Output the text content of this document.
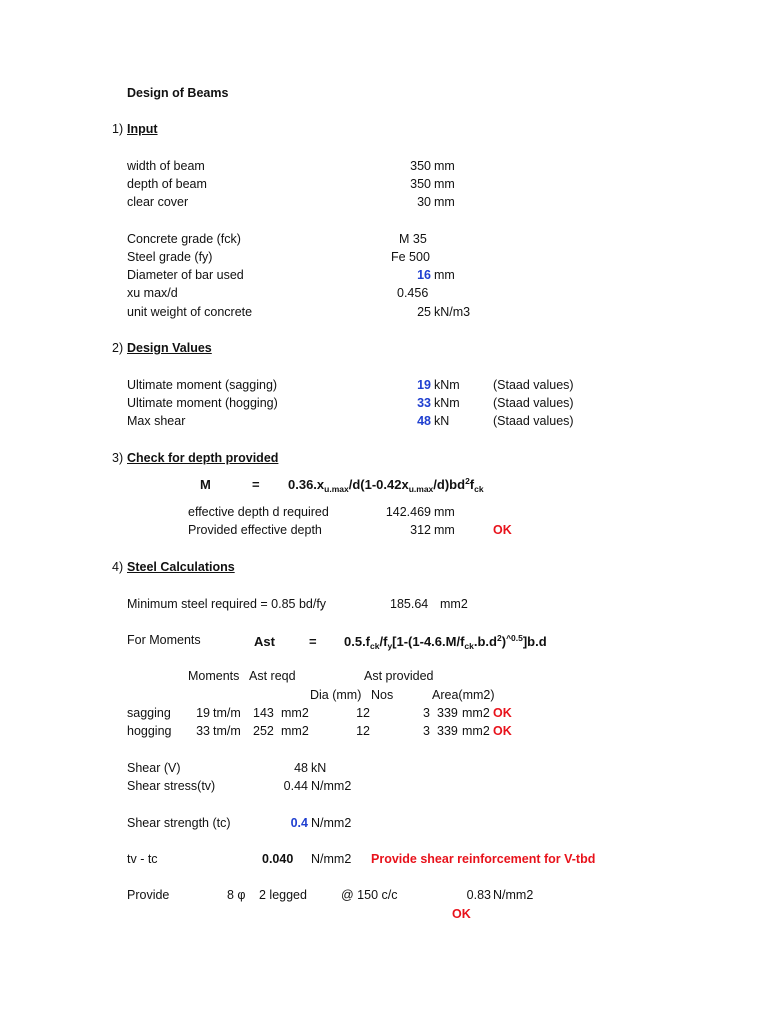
Design of Beams
1) Input
width of beam	350 mm
depth of beam	350 mm
clear cover	30 mm
Concrete grade (fck)	M 35
Steel grade (fy)	Fe 500
Diameter of bar used	16 mm
xu max/d	0.456
unit weight of concrete	25 kN/m3
2) Design Values
Ultimate moment (sagging)	19 kNm	(Staad values)
Ultimate moment (hogging)	33 kNm	(Staad values)
Max shear	48 kN	(Staad values)
3) Check for depth provided
M	= $0.36.x_{u.max}/d(1-0.42x_{u.max}/d)bd^2f_{ck}$
effective depth d required	142.469 mm
Provided effective depth	312 mm	OK
4) Steel Calculations
Minimum steel required = 0.85 bd/fy	185.64 mm2
For Moments	Ast	= $0.5.f_{ck}/f_y[1-(1-4.6.M/f_{ck}.b.d^2)^{\^{}0.5}]b.d$
Moments Ast reqd	Ast provided
Dia (mm) Nos	Area(mm2)
sagging	19 tm/m 143 mm2	12	3 339 mm2 OK
hogging	33 tm/m 252 mm2	12	3 339 mm2 OK
Shear (V)	48 kN
Shear stress(tv)	0.44 N/mm2
Shear strength (tc)	0.4 N/mm2
tv - tc	0.040 N/mm2 Provide shear reinforcement for V-tbd
Provide	8 φ 2 legged	@ 150 c/c	0.83 N/mm2
OK
